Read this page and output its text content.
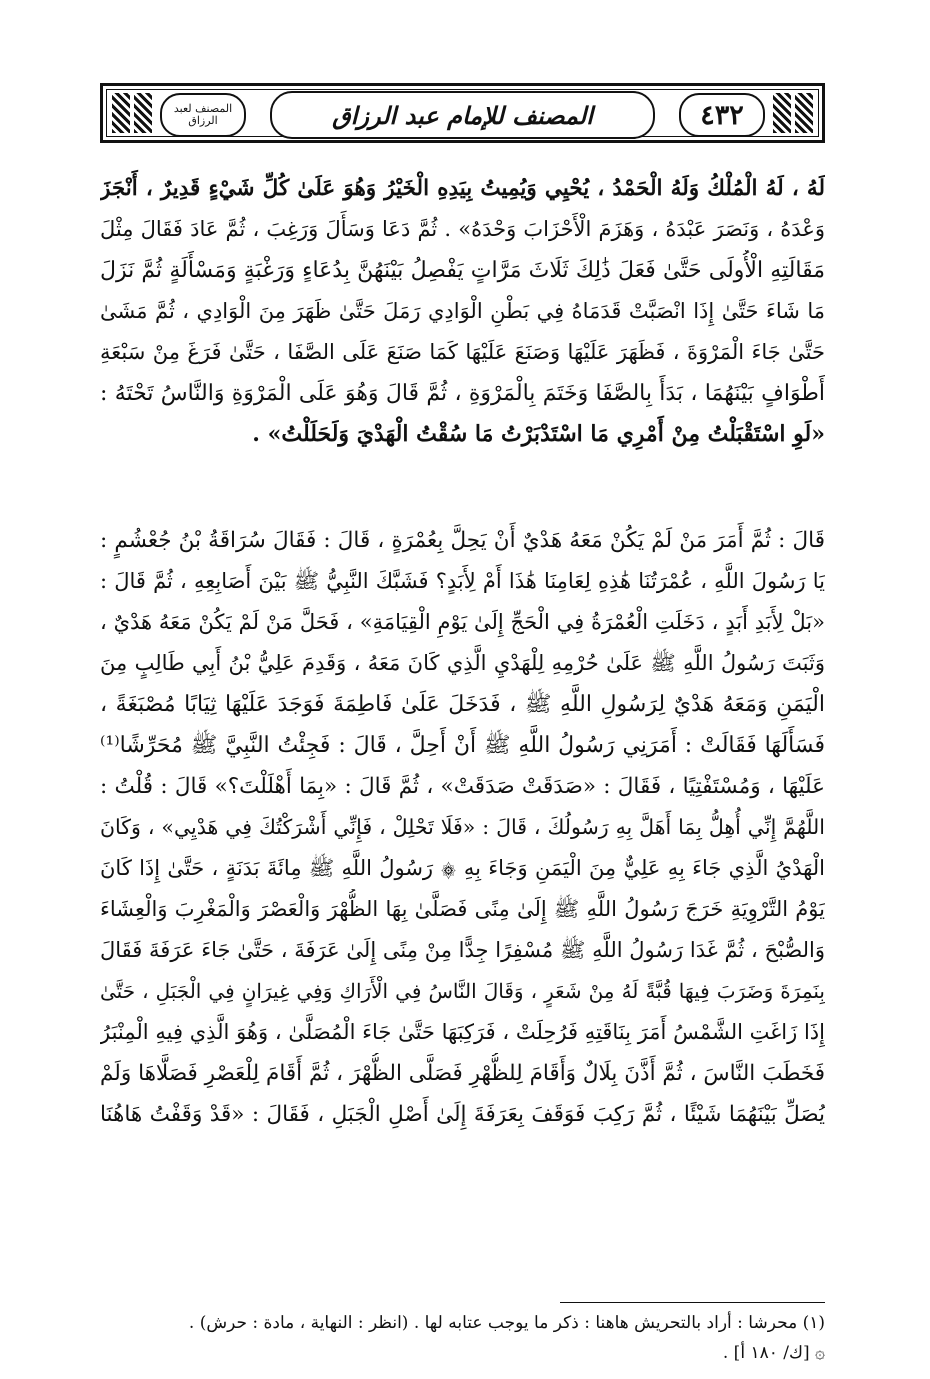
المصنف لعبد الرزاق	المصنف للإمام عبد الرزاق	٤٣٢
لَهُ ، لَهُ الْمُلْكُ وَلَهُ الْحَمْدُ ، يُحْيِي وَيُمِيتُ بِيَدِهِ الْخَيْرُ وَهُوَ عَلَىٰ كُلِّ شَيْءٍ قَدِيرٌ ، أَنْجَزَ
وَعْدَهُ ، وَنَصَرَ عَبْدَهُ ، وَهَزَمَ الْأَحْزَابَ وَحْدَهُ» . ثُمَّ دَعَا وَسَأَلَ وَرَغِبَ ، ثُمَّ عَادَ فَقَالَ مِثْلَ
مَقَالَتِهِ الْأُولَى حَتَّىٰ فَعَلَ ذَٰلِكَ ثَلَاثَ مَرَّاتٍ يَفْصِلُ بَيْنَهُنَّ بِدُعَاءٍ وَرَغْبَةٍ وَمَسْأَلَةٍ ثُمَّ نَزَلَ
مَا شَاءَ حَتَّىٰ إِذَا انْصَبَّتْ قَدَمَاهُ فِي بَطْنِ الْوَادِي رَمَلَ حَتَّىٰ ظَهَرَ مِنَ الْوَادِي ، ثُمَّ مَشَىٰ
حَتَّىٰ جَاءَ الْمَرْوَةَ ، فَظَهَرَ عَلَيْهَا وَصَنَعَ عَلَيْهَا كَمَا صَنَعَ عَلَى الصَّفَا ، حَتَّىٰ فَرَغَ مِنْ سَبْعَةِ
أَطْوَافٍ بَيْنَهُمَا ، بَدَأَ بِالصَّفَا وَخَتَمَ بِالْمَرْوَةِ ، ثُمَّ قَالَ وَهُوَ عَلَى الْمَرْوَةِ وَالنَّاسُ تَحْتَهُ :
«لَوِ اسْتَقْبَلْتُ مِنْ أَمْرِي مَا اسْتَدْبَرْتُ مَا سُقْتُ الْهَدْيَ وَلَحَلَلْتُ» .
قَالَ : ثُمَّ أَمَرَ مَنْ لَمْ يَكُنْ مَعَهُ هَدْيٌ أَنْ يَحِلَّ بِعُمْرَةٍ ، قَالَ : فَقَالَ سُرَاقَةُ بْنُ جُعْشُمٍ :
يَا رَسُولَ اللَّهِ ، عُمْرَتُنَا هَٰذِهِ لِعَامِنَا هَٰذَا أَمْ لِأَبَدٍ؟ فَشَبَّكَ النَّبِيُّ ﷺ بَيْنَ أَصَابِعِهِ ، ثُمَّ قَالَ :
«بَلْ لِأَبَدِ أَبَدٍ ، دَخَلَتِ الْعُمْرَةُ فِي الْحَجِّ إِلَىٰ يَوْمِ الْقِيَامَةِ» ، فَحَلَّ مَنْ لَمْ يَكُنْ مَعَهُ هَدْيٌ ،
وَثَبَتَ رَسُولُ اللَّهِ ﷺ عَلَىٰ حُرْمِهِ لِلْهَدْيِ الَّذِي كَانَ مَعَهُ ، وَقَدِمَ عَلِيُّ بْنُ أَبِي طَالِبٍ مِنَ
الْيَمَنِ وَمَعَهُ هَدْيٌ لِرَسُولِ اللَّهِ ﷺ ، فَدَخَلَ عَلَىٰ فَاطِمَةَ فَوَجَدَ عَلَيْهَا ثِيَابًا مُصْبَغَةً ،
فَسَأَلَهَا فَقَالَتْ : أَمَرَنِي رَسُولُ اللَّهِ ﷺ أَنْ أَحِلَّ ، قَالَ : فَجِئْتُ النَّبِيَّ ﷺ مُحَرِّشًا⁽¹⁾
عَلَيْهَا ، وَمُسْتَفْتِيًا ، فَقَالَ : «صَدَقَتْ صَدَقَتْ» ، ثُمَّ قَالَ : «بِمَا أَهْلَلْتَ؟» قَالَ : قُلْتُ :
اللَّهُمَّ إِنِّي أُهِلُّ بِمَا أَهَلَّ بِهِ رَسُولُكَ ، قَالَ : «فَلَا تَحْلِلْ ، فَإِنِّي أَشْرَكْتُكَ فِي هَدْيِي» ، وَكَانَ
الْهَدْيُ الَّذِي جَاءَ بِهِ عَلِيٌّ مِنَ الْيَمَنِ وَجَاءَ بِهِ ۞ رَسُولُ اللَّهِ ﷺ مِائَةَ بَدَنَةٍ ، حَتَّىٰ إِذَا كَانَ
يَوْمُ التَّرْوِيَةِ خَرَجَ رَسُولُ اللَّهِ ﷺ إِلَىٰ مِنًى فَصَلَّىٰ بِهَا الظُّهْرَ وَالْعَصْرَ وَالْمَغْرِبَ وَالْعِشَاءَ
وَالصُّبْحَ ، ثُمَّ غَدَا رَسُولُ اللَّهِ ﷺ مُسْفِرًا جِدًّا مِنْ مِنًى إِلَىٰ عَرَفَةَ ، حَتَّىٰ جَاءَ عَرَفَةَ فَقَالَ
بِنَمِرَةَ وَضَرَبَ فِيهَا قُبَّةً لَهُ مِنْ شَعَرٍ ، وَقَالَ النَّاسُ فِي الْأَرَاكِ وَفِي غِيرَانٍ فِي الْجَبَلِ ، حَتَّىٰ
إِذَا زَاغَتِ الشَّمْسُ أَمَرَ بِنَاقَتِهِ فَرُحِلَتْ ، فَرَكِبَهَا حَتَّىٰ جَاءَ الْمُصَلَّىٰ ، وَهُوَ الَّذِي فِيهِ الْمِنْبَرُ
فَخَطَبَ النَّاسَ ، ثُمَّ أَذَّنَ بِلَالٌ وَأَقَامَ لِلظُّهْرِ فَصَلَّى الظُّهْرَ ، ثُمَّ أَقَامَ لِلْعَصْرِ فَصَلَّاهَا وَلَمْ
يُصَلِّ بَيْنَهُمَا شَيْئًا ، ثُمَّ رَكِبَ فَوَقَفَ بِعَرَفَةَ إِلَىٰ أَصْلِ الْجَبَلِ ، فَقَالَ : «قَدْ وَقَفْتُ هَاهُنَا
(١) محرشا : أراد بالتحريش هاهنا : ذكر ما يوجب عتابه لها . (انظر : النهاية ، مادة : حرش) .
۞ [ك/ ١٨٠ أ] .
